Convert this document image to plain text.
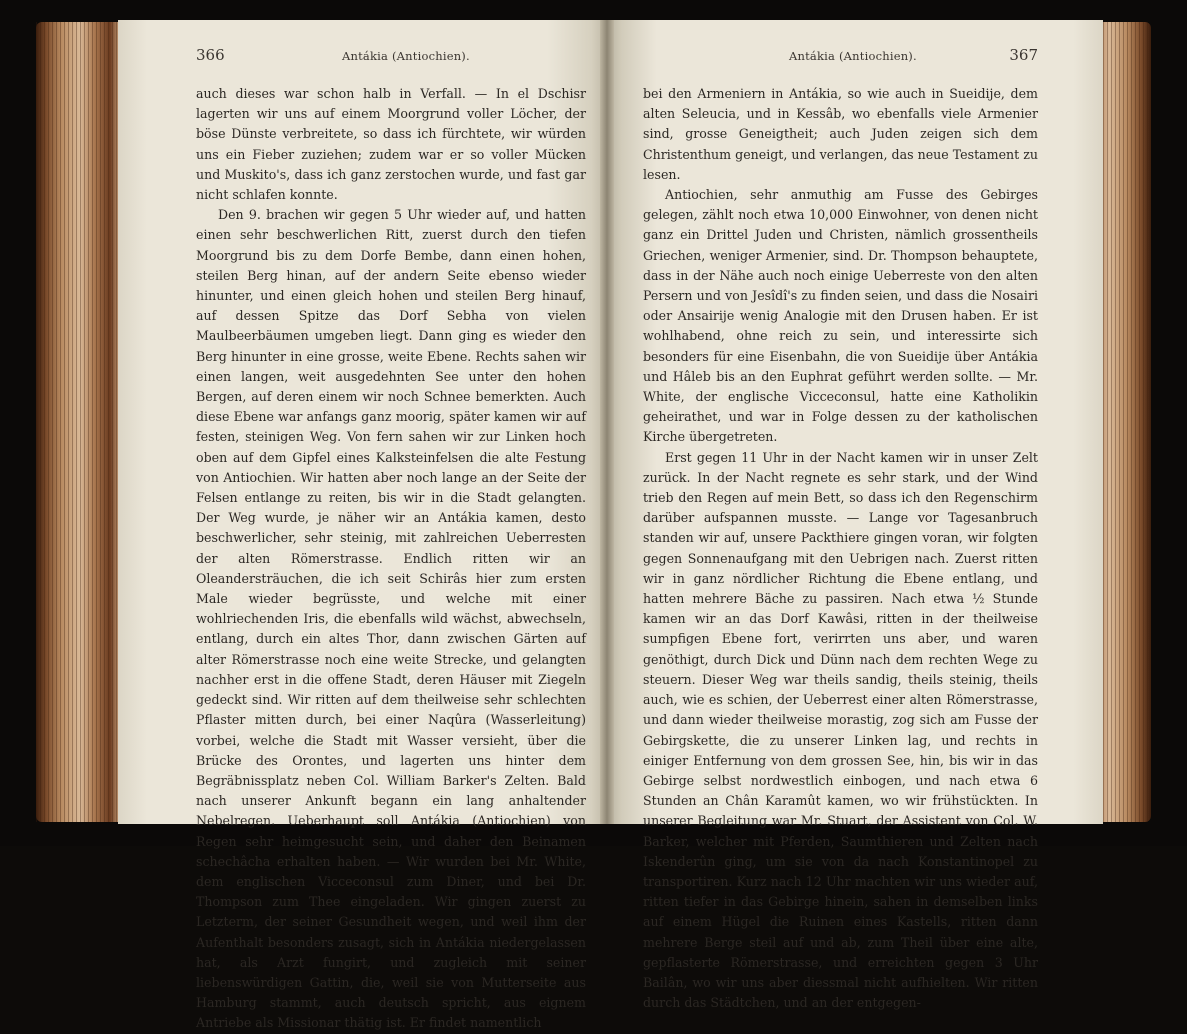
366	Antákia (Antiochien).	Antákia (Antiochien).	367

auch dieses war schon halb in Verfall. — In el Dschisr lagerten wir uns auf einem Moorgrund voller Löcher, der böse Dünste verbreitete, so dass ich fürchtete, wir würden uns ein Fieber zuziehen; zudem war er so voller Mücken und Muskito's, dass ich ganz zerstochen wurde, und fast gar nicht schlafen konnte.

Den 9. brachen wir gegen 5 Uhr wieder auf, und hatten einen sehr beschwerlichen Ritt, zuerst durch den tiefen Moorgrund bis zu dem Dorfe Bembe, dann einen hohen, steilen Berg hinan, auf der andern Seite ebenso wieder hinunter, und einen gleich hohen und steilen Berg hinauf, auf dessen Spitze das Dorf Sebha von vielen Maulbeerbäumen umgeben liegt. Dann ging es wieder den Berg hinunter in eine grosse, weite Ebene. Rechts sahen wir einen langen, weit ausgedehnten See unter den hohen Bergen, auf deren einem wir noch Schnee bemerkten. Auch diese Ebene war anfangs ganz moorig, später kamen wir auf festen, steinigen Weg. Von fern sahen wir zur Linken hoch oben auf dem Gipfel eines Kalksteinfelsen die alte Festung von Antiochien. Wir hatten aber noch lange an der Seite der Felsen entlange zu reiten, bis wir in die Stadt gelangten. Der Weg wurde, je näher wir an Antákia kamen, desto beschwerlicher, sehr steinig, mit zahlreichen Ueberresten der alten Römerstrasse. Endlich ritten wir an Oleandersträuchen, die ich seit Schirâs hier zum ersten Male wieder begrüsste, und welche mit einer wohlriechenden Iris, die ebenfalls wild wächst, abwechseln, entlang, durch ein altes Thor, dann zwischen Gärten auf alter Römerstrasse noch eine weite Strecke, und gelangten nachher erst in die offene Stadt, deren Häuser mit Ziegeln gedeckt sind. Wir ritten auf dem theilweise sehr schlechten Pflaster mitten durch, bei einer Naqûra (Wasserleitung) vorbei, welche die Stadt mit Wasser versieht, über die Brücke des Orontes, und lagerten uns hinter dem Begräbnissplatz neben Col. William Barker's Zelten. Bald nach unserer Ankunft begann ein lang anhaltender Nebelregen. Ueberhaupt soll Antákia (Antiochien) von Regen sehr heimgesucht sein, und daher den Beinamen schechâcha erhalten haben. — Wir wurden bei Mr. White, dem englischen Vicceconsul zum Diner, und bei Dr. Thompson zum Thee eingeladen. Wir gingen zuerst zu Letzterm, der seiner Gesundheit wegen, und weil ihm der Aufenthalt besonders zusagt, sich in Antákia niedergelassen hat, als Arzt fungirt, und zugleich mit seiner liebenswürdigen Gattin, die, weil sie von Mutterseite aus Hamburg stammt, auch deutsch spricht, aus eignem Antriebe als Missionar thätig ist. Er findet namentlich

bei den Armeniern in Antákia, so wie auch in Sueidije, dem alten Seleucia, und in Kessâb, wo ebenfalls viele Armenier sind, grosse Geneigtheit; auch Juden zeigen sich dem Christenthum geneigt, und verlangen, das neue Testament zu lesen.

Antiochien, sehr anmuthig am Fusse des Gebirges gelegen, zählt noch etwa 10,000 Einwohner, von denen nicht ganz ein Drittel Juden und Christen, nämlich grossentheils Griechen, weniger Armenier, sind. Dr. Thompson behauptete, dass in der Nähe auch noch einige Ueberreste von den alten Persern und von Jesîdî's zu finden seien, und dass die Nosairi oder Ansairije wenig Analogie mit den Drusen haben. Er ist wohlhabend, ohne reich zu sein, und interessirte sich besonders für eine Eisenbahn, die von Sueidije über Antákia und Hâleb bis an den Euphrat geführt werden sollte. — Mr. White, der englische Vicceconsul, hatte eine Katholikin geheirathet, und war in Folge dessen zu der katholischen Kirche übergetreten.

Erst gegen 11 Uhr in der Nacht kamen wir in unser Zelt zurück. In der Nacht regnete es sehr stark, und der Wind trieb den Regen auf mein Bett, so dass ich den Regenschirm darüber aufspannen musste. — Lange vor Tagesanbruch standen wir auf, unsere Packthiere gingen voran, wir folgten gegen Sonnenaufgang mit den Uebrigen nach. Zuerst ritten wir in ganz nördlicher Richtung die Ebene entlang, und hatten mehrere Bäche zu passiren. Nach etwa ½ Stunde kamen wir an das Dorf Kawâsi, ritten in der theilweise sumpfigen Ebene fort, verirrten uns aber, und waren genöthigt, durch Dick und Dünn nach dem rechten Wege zu steuern. Dieser Weg war theils sandig, theils steinig, theils auch, wie es schien, der Ueberrest einer alten Römerstrasse, und dann wieder theilweise morastig, zog sich am Fusse der Gebirgskette, die zu unserer Linken lag, und rechts in einiger Entfernung von dem grossen See, hin, bis wir in das Gebirge selbst nordwestlich einbogen, und nach etwa 6 Stunden an Chân Karamût kamen, wo wir frühstückten. In unserer Begleitung war Mr. Stuart, der Assistent von Col. W. Barker, welcher mit Pferden, Saumthieren und Zelten nach Iskenderûn ging, um sie von da nach Konstantinopel zu transportiren. Kurz nach 12 Uhr machten wir uns wieder auf, ritten tiefer in das Gebirge hinein, sahen in demselben links auf einem Hügel die Ruinen eines Kastells, ritten dann mehrere Berge steil auf und ab, zum Theil über eine alte, gepflasterte Römerstrasse, und erreichten gegen 3 Uhr Bailân, wo wir uns aber diessmal nicht aufhielten. Wir ritten durch das Städtchen, und an der entgegen-
